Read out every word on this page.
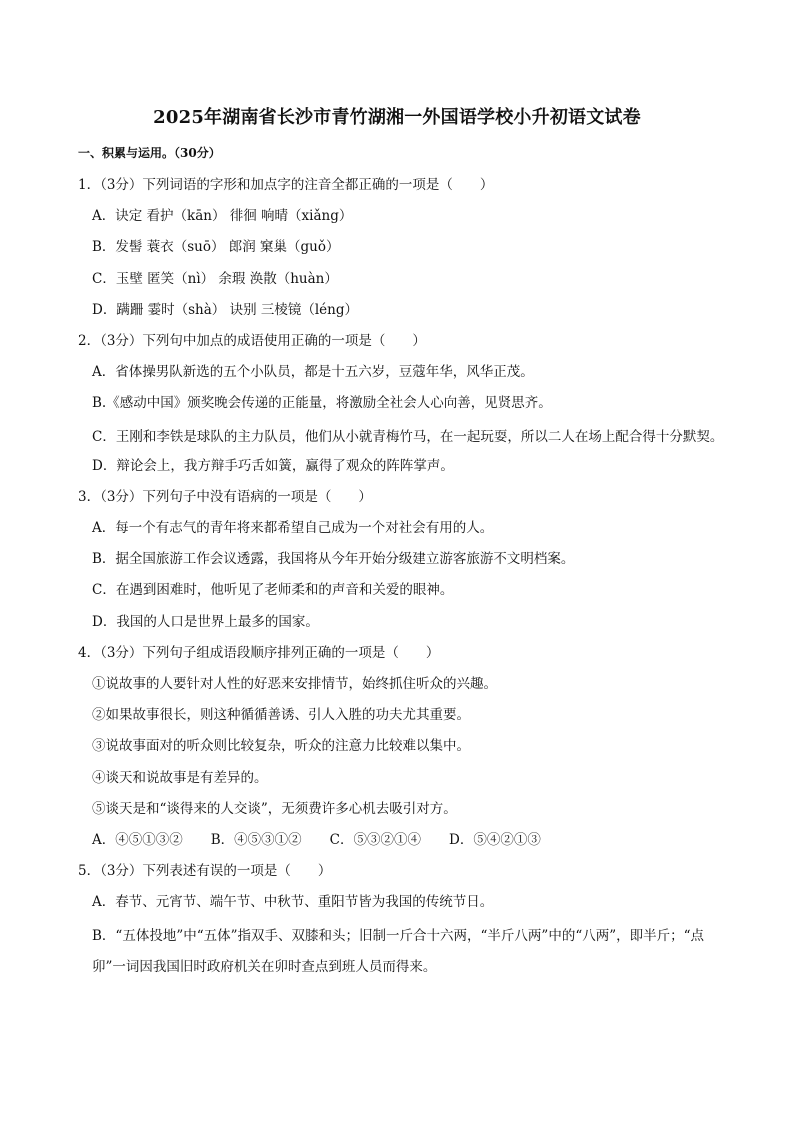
2025年湖南省长沙市青竹湖湘一外国语学校小升初语文试卷
一、积累与运用。（30分）
1．（3分）下列词语的字形和加点字的注音全都正确的一项是（　　）
A．诀定 看护（kān） 徘徊 响晴（xiǎng）
B．发髻 蓑衣（suō） 郎润 窠巢（guǒ）
C．玉壁 匿笑（nì） 余瑕 涣散（huàn）
D．蹒跚 霎时（shà） 诀别 三棱镜（léng）
2．（3分）下列句中加点的成语使用正确的一项是（　　）
A．省体操男队新选的五个小队员，都是十五六岁，豆蔻年华，风华正茂。
B.《感动中国》颁奖晚会传递的正能量，将激励全社会人心向善，见贤思齐。
C．王刚和李铁是球队的主力队员，他们从小就青梅竹马，在一起玩耍，所以二人在场上配合得十分默契。
D．辩论会上，我方辩手巧舌如簧，赢得了观众的阵阵掌声。
3．（3分）下列句子中没有语病的一项是（　　）
A．每一个有志气的青年将来都希望自己成为一个对社会有用的人。
B．据全国旅游工作会议透露，我国将从今年开始分级建立游客旅游不文明档案。
C．在遇到困难时，他听见了老师柔和的声音和关爱的眼神。
D．我国的人口是世界上最多的国家。
4．（3分）下列句子组成语段顺序排列正确的一项是（　　）
①说故事的人要针对人性的好恶来安排情节，始终抓住听众的兴趣。
②如果故事很长，则这种循循善诱、引人入胜的功夫尤其重要。
③说故事面对的听众则比较复杂，听众的注意力比较难以集中。
④谈天和说故事是有差异的。
⑤谈天是和“谈得来的人交谈”，无须费许多心机去吸引对方。
A．④⑤①③② B．④⑤③①② C．⑤③②①④ D．⑤④②①③
5．（3分）下列表述有误的一项是（　　）
A．春节、元宵节、端午节、中秋节、重阳节皆为我国的传统节日。
B．“五体投地”中“五体”指双手、双膝和头；旧制一斤合十六两，“半斤八两”中的“八两”，即半斤；“点卯”一词因我国旧时政府机关在卯时查点到班人员而得来。
